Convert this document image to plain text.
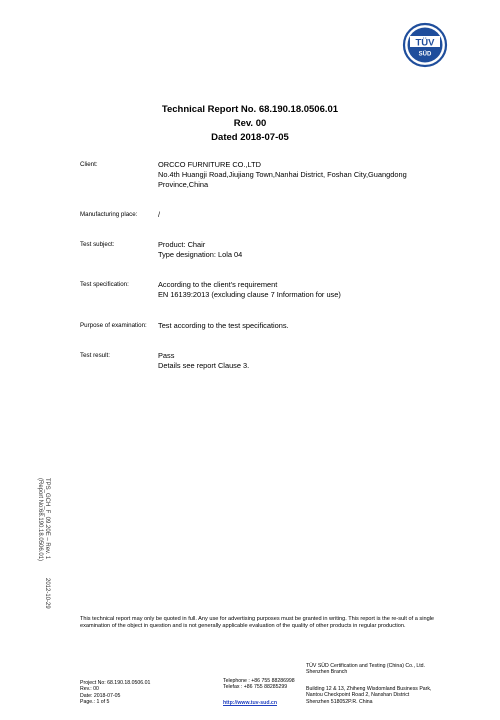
TÜV
SÜD
Technical Report No. 68.190.18.0506.01
Rev. 00
Dated 2018-07-05
Client:	ORCCO FURNITURE CO.,LTD
No.4th Huangji Road,Jiujiang Town,Nanhai District, Foshan City,Guangdong
Province,China
Manufacturing place:	/
Test subject:	Product: Chair
Type designation: Lola 04
Test specification:	According to the client's requirement
EN 16139:2013 (excluding clause 7 Information for use)
Purpose of examination: Test according to the test specifications.
Test result:	Pass
Details see report Clause 3.
TPS_GCH_F_09.20E – Rev. 1
(Report No:68.190.18.0506.01)
2012-10-29
This technical report may only be quoted in full. Any use for advertising purposes must be granted in writing. This report is the re-sult of a single examination of the object in question and is not generally applicable evaluation of the quality of other products in regular production.
Project No: 68.190.18.0506.01
Rev.: 00
Date: 2018-07-05
Page.: 1 of 5
Telephone : +86 755 88286998
Telefax : +86 755 88285299
http://www.tuv-sud.cn
TÜV SÜD Certification and Testing (China) Co., Ltd.
Shenzhen Branch
Building 12 & 13, Zhiheng Wisdomland Business Park,
Nantou Checkpoint Road 2, Nanshan District
Shenzhen 518052P.R. China
